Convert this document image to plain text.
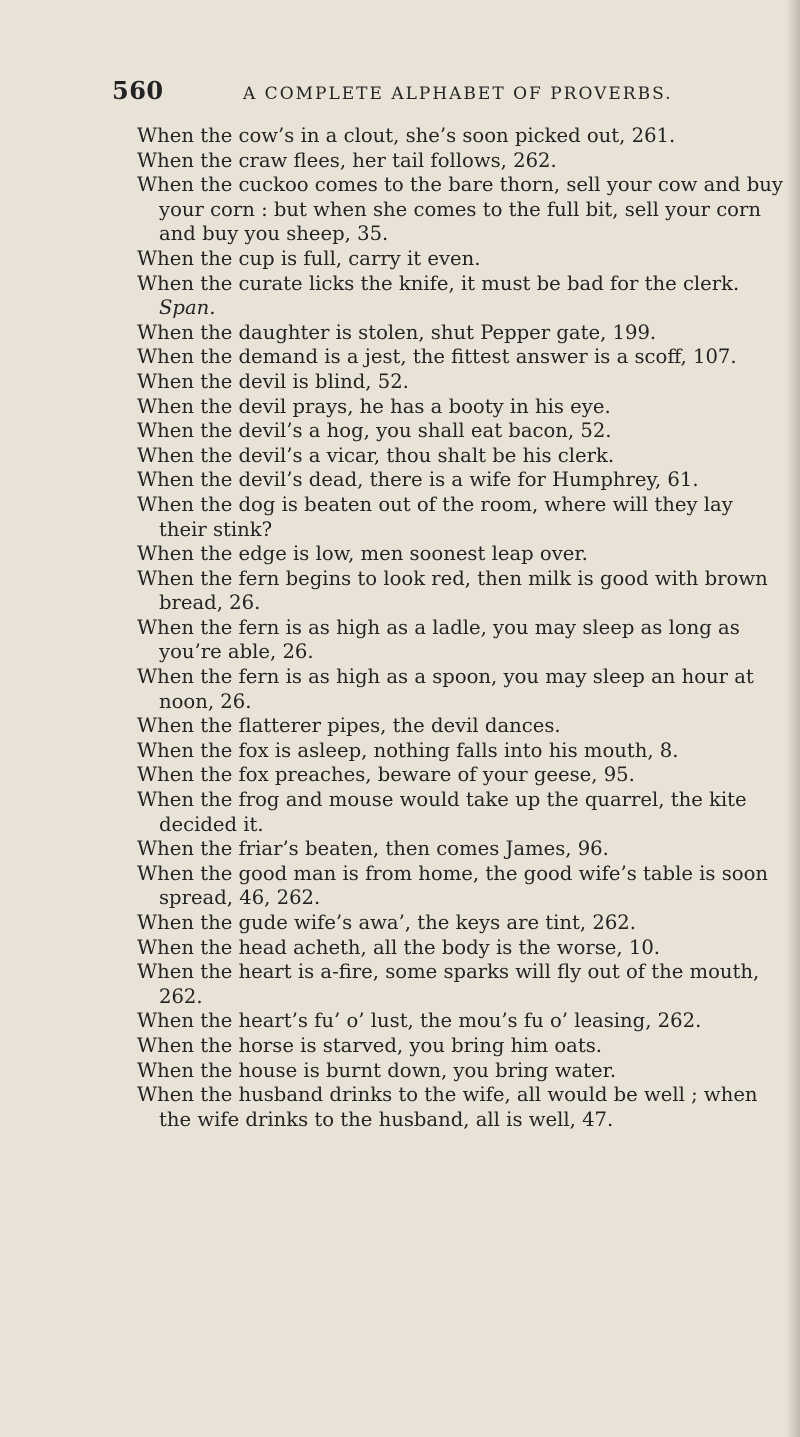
560	A COMPLETE ALPHABET OF PROVERBS.

When the cow’s in a clout, she’s soon picked out, 261.

When the craw flees, her tail follows, 262.

When the cuckoo comes to the bare thorn, sell your cow and buy your corn : but when she comes to the full bit, sell your corn and buy you sheep, 35.

When the cup is full, carry it even.

When the curate licks the knife, it must be bad for the clerk.
Span.

When the daughter is stolen, shut Pepper gate, 199.

When the demand is a jest, the fittest answer is a scoff, 107.

When the devil is blind, 52.

When the devil prays, he has a booty in his eye.

When the devil’s a hog, you shall eat bacon, 52.

When the devil’s a vicar, thou shalt be his clerk.

When the devil’s dead, there is a wife for Humphrey, 61.

When the dog is beaten out of the room, where will they lay their stink?

When the edge is low, men soonest leap over.

When the fern begins to look red, then milk is good with brown bread, 26.

When the fern is as high as a ladle, you may sleep as long as you’re able, 26.

When the fern is as high as a spoon, you may sleep an hour at noon, 26.

When the flatterer pipes, the devil dances.

When the fox is asleep, nothing falls into his mouth, 8.

When the fox preaches, beware of your geese, 95.

When the frog and mouse would take up the quarrel, the kite decided it.

When the friar’s beaten, then comes James, 96.

When the good man is from home, the good wife’s table is soon spread, 46, 262.

When the gude wife’s awa’, the keys are tint, 262.

When the head acheth, all the body is the worse, 10.

When the heart is a-fire, some sparks will fly out of the mouth, 262.

When the heart’s fu’ o’ lust, the mou’s fu o’ leasing, 262.

When the horse is starved, you bring him oats.

When the house is burnt down, you bring water.

When the husband drinks to the wife, all would be well ; when the wife drinks to the husband, all is well, 47.
